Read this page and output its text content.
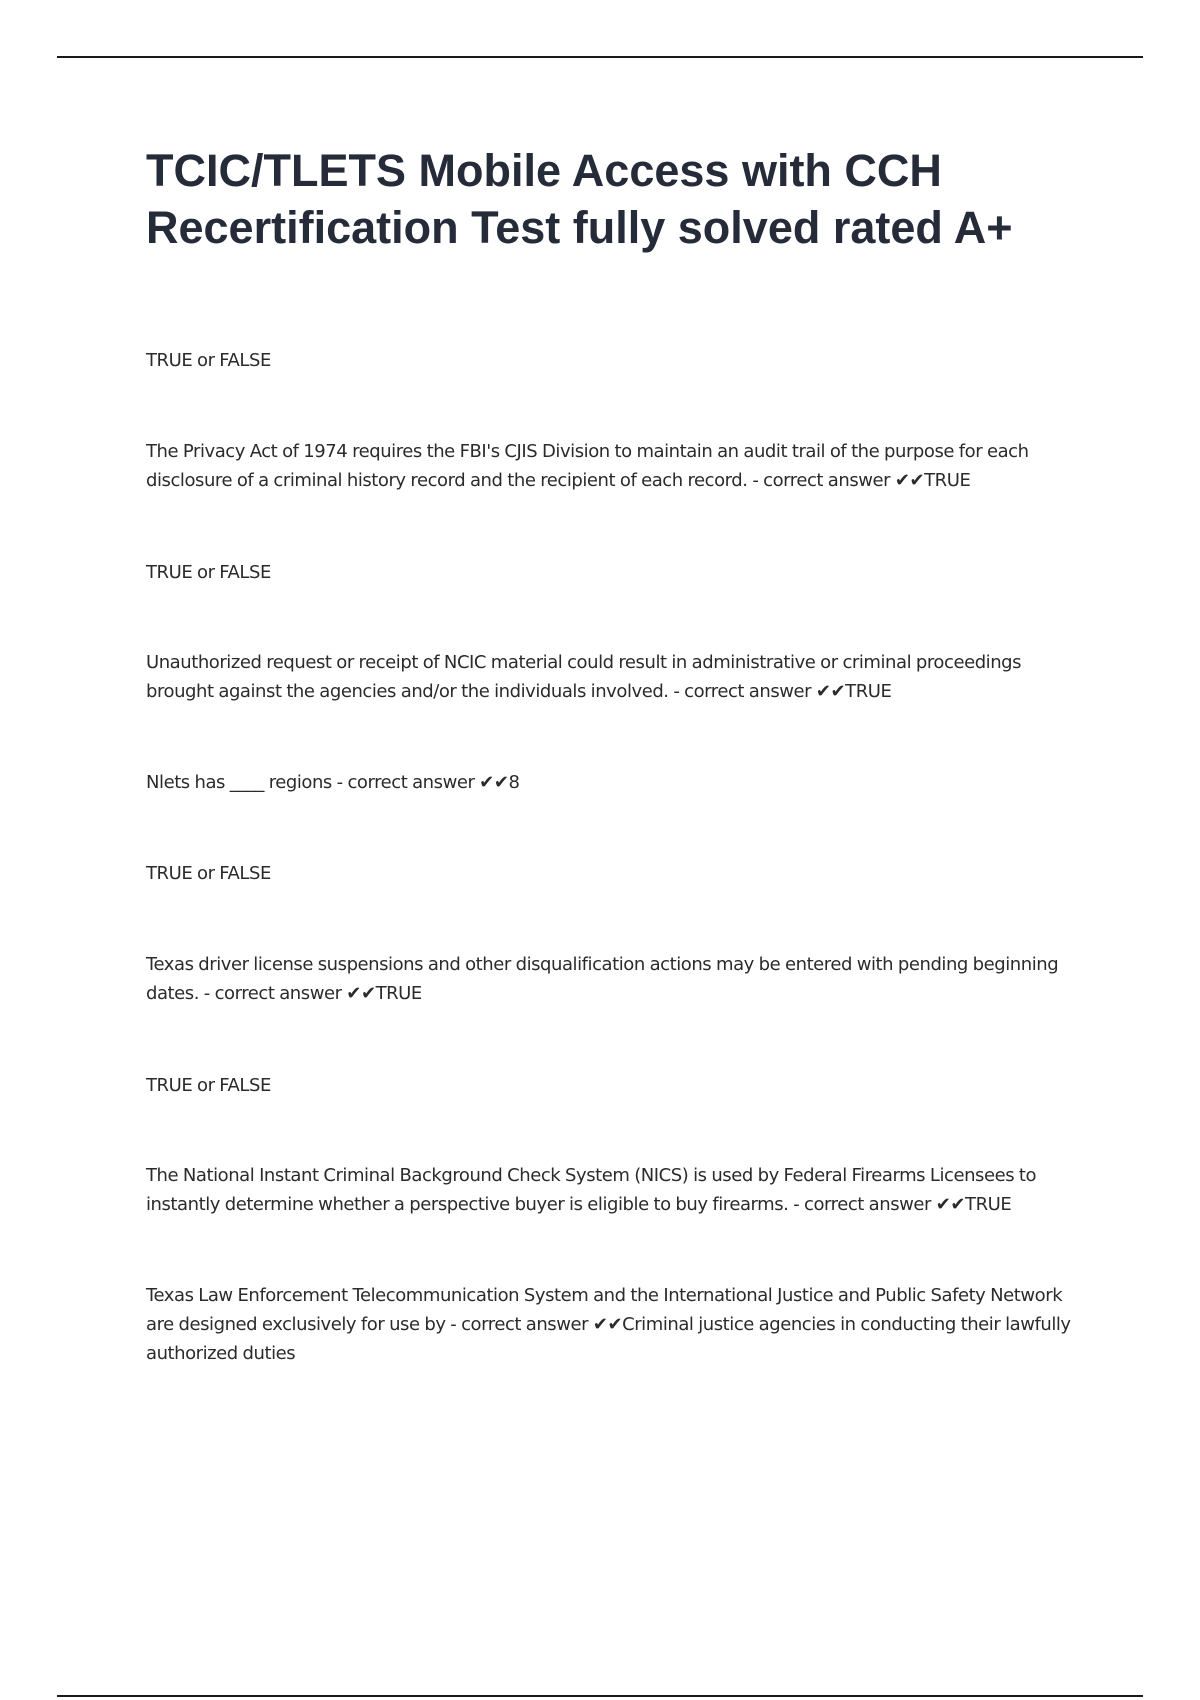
TCIC/TLETS Mobile Access with CCH Recertification Test fully solved rated A+

TRUE or FALSE

The Privacy Act of 1974 requires the FBI's CJIS Division to maintain an audit trail of the purpose for each disclosure of a criminal history record and the recipient of each record. - correct answer ✔✔TRUE

TRUE or FALSE

Unauthorized request or receipt of NCIC material could result in administrative or criminal proceedings brought against the agencies and/or the individuals involved. - correct answer ✔✔TRUE

Nlets has ____ regions - correct answer ✔✔8

TRUE or FALSE

Texas driver license suspensions and other disqualification actions may be entered with pending beginning dates. - correct answer ✔✔TRUE

TRUE or FALSE

The National Instant Criminal Background Check System (NICS) is used by Federal Firearms Licensees to instantly determine whether a perspective buyer is eligible to buy firearms. - correct answer ✔✔TRUE

Texas Law Enforcement Telecommunication System and the International Justice and Public Safety Network are designed exclusively for use by - correct answer ✔✔Criminal justice agencies in conducting their lawfully authorized duties
